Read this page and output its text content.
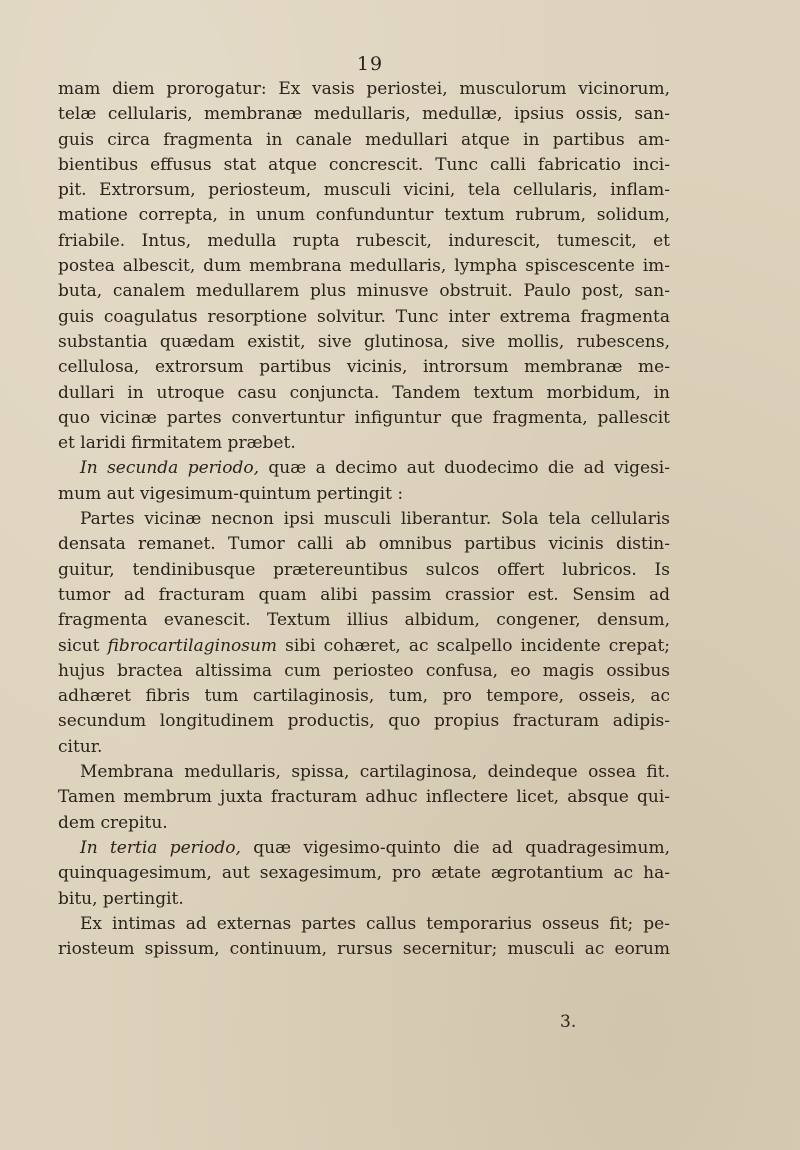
19
mam diem prorogatur: Ex vasis periostei, musculorum vicinorum,
telæ cellularis, membranæ medullaris, medullæ, ipsius ossis, san-
guis circa fragmenta in canale medullari atque in partibus am-
bientibus effusus stat atque concrescit. Tunc calli fabricatio inci-
pit. Extrorsum, periosteum, musculi vicini, tela cellularis, inflam-
matione correpta, in unum confunduntur textum rubrum, solidum,
friabile. Intus, medulla rupta rubescit, indurescit, tumescit, et
postea albescit, dum membrana medullaris, lympha spiscescente im-
buta, canalem medullarem plus minusve obstruit. Paulo post, san-
guis coagulatus resorptione solvitur. Tunc inter extrema fragmenta
substantia quædam existit, sive glutinosa, sive mollis, rubescens,
cellulosa, extrorsum partibus vicinis, introrsum membranæ me-
dullari in utroque casu conjuncta. Tandem textum morbidum, in
quo vicinæ partes convertuntur infiguntur que fragmenta, pallescit
et laridi firmitatem præbet.
In secunda periodo, quæ a decimo aut duodecimo die ad vigesi-
mum aut vigesimum-quintum pertingit :
Partes vicinæ necnon ipsi musculi liberantur. Sola tela cellularis
densata remanet. Tumor calli ab omnibus partibus vicinis distin-
guitur, tendinibusque prætereuntibus sulcos offert lubricos. Is
tumor ad fracturam quam alibi passim crassior est. Sensim ad
fragmenta evanescit. Textum illius albidum, congener, densum,
sicut fibrocartilaginosum sibi cohæret, ac scalpello incidente crepat;
hujus bractea altissima cum periosteo confusa, eo magis ossibus
adhæret fibris tum cartilaginosis, tum, pro tempore, osseis, ac
secundum longitudinem productis, quo propius fracturam adipis-
citur.
Membrana medullaris, spissa, cartilaginosa, deindeque ossea fit.
Tamen membrum juxta fracturam adhuc inflectere licet, absque qui-
dem crepitu.
In tertia periodo, quæ vigesimo-quinto die ad quadragesimum,
quinquagesimum, aut sexagesimum, pro ætate ægrotantium ac ha-
bitu, pertingit.
Ex intimas ad externas partes callus temporarius osseus fit; pe-
riosteum spissum, continuum, rursus secernitur; musculi ac eorum
3.
